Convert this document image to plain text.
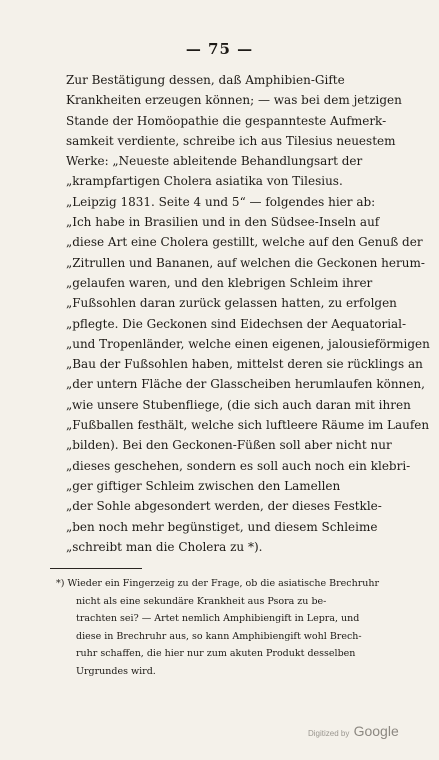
— 75 —
Zur Bestätigung dessen, daß Amphibien-Gifte
Krankheiten erzeugen können; — was bei dem jetzigen
Stande der Homöopathie die gespannteste Aufmerk-
samkeit verdiente, schreibe ich aus Tilesius neuestem
Werke: „Neueste ableitende Behandlungsart der
„krampfartigen Cholera asiatika von Tilesius.
„Leipzig 1831. Seite 4 und 5“ — folgendes hier ab:
„Ich habe in Brasilien und in den Südsee-Inseln auf
„diese Art eine Cholera gestillt, welche auf den Genuß der
„Zitrullen und Bananen, auf welchen die Geckonen herum-
„gelaufen waren, und den klebrigen Schleim ihrer
„Fußsohlen daran zurück gelassen hatten, zu erfolgen
„pflegte. Die Geckonen sind Eidechsen der Aequatorial-
„und Tropenländer, welche einen eigenen, jalousieförmigen
„Bau der Fußsohlen haben, mittelst deren sie rücklings an
„der untern Fläche der Glasscheiben herumlaufen können,
„wie unsere Stubenfliege, (die sich auch daran mit ihren
„Fußballen festhält, welche sich luftleere Räume im Laufen
„bilden). Bei den Geckonen-Füßen soll aber nicht nur
„dieses geschehen, sondern es soll auch noch ein klebri-
„ger giftiger Schleim zwischen den Lamellen
„der Sohle abgesondert werden, der dieses Festkle-
„ben noch mehr begünstiget, und diesem Schleime
„schreibt man die Cholera zu *).
*) Wieder ein Fingerzeig zu der Frage, ob die asiatische Brechruhr
nicht als eine sekundäre Krankheit aus Psora zu be-
trachten sei? — Artet nemlich Amphibiengift in Lepra, und
diese in Brechruhr aus, so kann Amphibiengift wohl Brech-
ruhr schaffen, die hier nur zum akuten Produkt desselben
Urgrundes wird.
Digitized by Google
